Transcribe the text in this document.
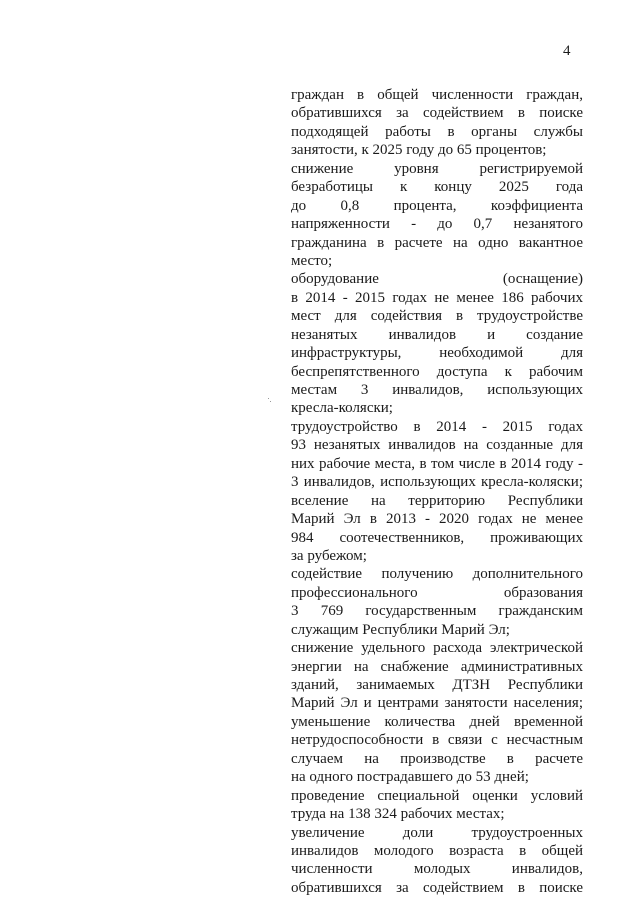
4
граждан в общей численности граждан,
обратившихся за содействием в поиске
подходящей работы в органы службы
занятости, к 2025 году до 65 процентов;
снижение уровня регистрируемой
безработицы к концу 2025 года
до 0,8 процента, коэффициента
напряженности - до 0,7 незанятого
гражданина в расчете на одно вакантное
место;
оборудование (оснащение)
в 2014 - 2015 годах не менее 186 рабочих
мест для содействия в трудоустройстве
незанятых инвалидов и создание
инфраструктуры, необходимой для
беспрепятственного доступа к рабочим
местам 3 инвалидов, использующих
кресла-коляски;
трудоустройство в 2014 - 2015 годах
93 незанятых инвалидов на созданные для
них рабочие места, в том числе в 2014 году -
3 инвалидов, использующих кресла-коляски;
вселение на территорию Республики
Марий Эл в 2013 - 2020 годах не менее
984 соотечественников, проживающих
за рубежом;
содействие получению дополнительного
профессионального образования
3 769 государственным гражданским
служащим Республики Марий Эл;
снижение удельного расхода электрической
энергии на снабжение административных
зданий, занимаемых ДТЗН Республики
Марий Эл и центрами занятости населения;
уменьшение количества дней временной
нетрудоспособности в связи с несчастным
случаем на производстве в расчете
на одного пострадавшего до 53 дней;
проведение специальной оценки условий
труда на 138 324 рабочих местах;
увеличение доли трудоустроенных
инвалидов молодого возраста в общей
численности молодых инвалидов,
обратившихся за содействием в поиске
